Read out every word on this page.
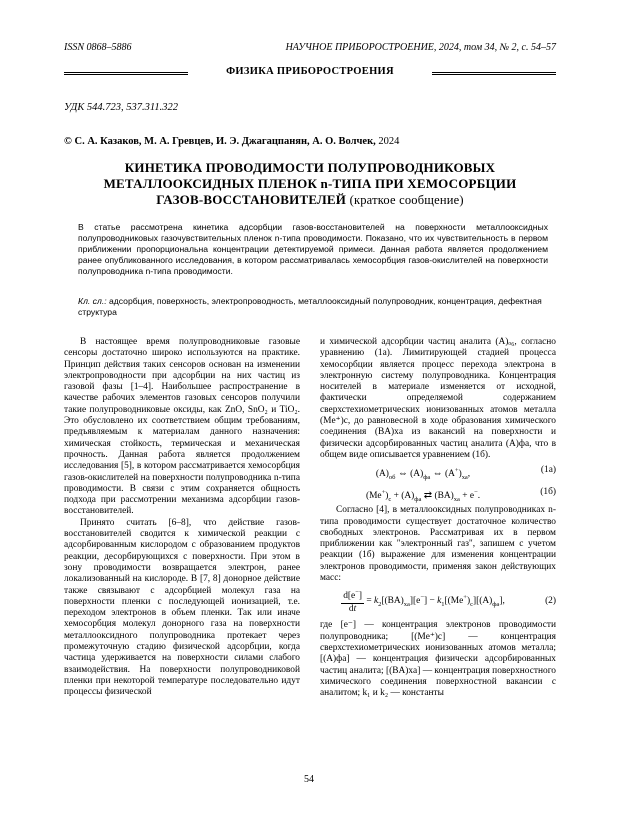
ISSN 0868–5886	НАУЧНОЕ ПРИБОРОСТРОЕНИЕ, 2024, том 34, № 2, с. 54–57
ФИЗИКА ПРИБОРОСТРОЕНИЯ
УДК 544.723, 537.311.322
© С. А. Казаков, М. А. Гревцев, И. Э. Джагацпанян, А. О. Волчек, 2024
КИНЕТИКА ПРОВОДИМОСТИ ПОЛУПРОВОДНИКОВЫХ
МЕТАЛЛООКСИДНЫХ ПЛЕНОК n-ТИПА ПРИ ХЕМОСОРБЦИИ
ГАЗОВ-ВОССТАНОВИТЕЛЕЙ (краткое сообщение)
В статье рассмотрена кинетика адсорбции газов-восстановителей на поверхности металлооксидных полупроводниковых газочувствительных пленок n-типа проводимости. Показано, что их чувствительность в первом приближении пропорциональна концентрации детектируемой примеси. Данная работа является продолжением ранее опубликованного исследования, в котором рассматривалась хемосорбция газов-окислителей на поверхности полупроводника n-типа проводимости.
Кл. сл.: адсорбция, поверхность, электропроводность, металлооксидный полупроводник, концентрация, дефектная структура

В настоящее время полупроводниковые газовые сенсоры достаточно широко используются на практике. Принцип действия таких сенсоров основан на изменении электропроводности при адсорбции на них частиц из газовой фазы [1–4]. Наибольшее распространение в качестве рабочих элементов газовых сенсоров получили такие полупроводниковые оксиды, как ZnO, SnO₂ и TiO₂. Это обусловлено их соответствием общим требованиям, предъявляемым к материалам данного назначения: химическая стойкость, термическая и механическая прочность. Данная работа является продолжением исследования [5], в котором рассматривается хемосорбция газов-окислителей на поверхности полупроводника n-типа проводимости. В связи с этим сохраняется общность подхода при рассмотрении механизма адсорбции газов-восстановителей.

Принято считать [6–8], что действие газов-восстановителей сводится к химической реакции с адсорбированным кислородом с образованием продуктов реакции, десорбирующихся с поверхности. При этом в зону проводимости возвращается электрон, ранее локализованный на кислороде. В [7, 8] донорное действие также связывают с адсорбцией молекул газа на поверхности пленки с последующей ионизацией, т.е. переходом электронов в объем пленки. Так или иначе хемосорбция молекул донорного газа на поверхности металлооксидного полупроводника протекает через промежуточную стадию физической адсорбции, когда частица удерживается на поверхности силами слабого взаимодействия. На поверхности полупроводниковой пленки при некоторой температуре последовательно идут процессы физической

и химической адсорбции частиц аналита (A)ₒ₆, согласно уравнению (1а). Лимитирующей стадией процесса хемосорбции является процесс перехода электрона в электронную систему полупроводника. Концентрация носителей в материале изменяется от исходной, фактически определяемой содержанием сверхстехиометрических ионизованных атомов металла (Me⁺)c, до равновесной в ходе образования химического соединения (BA)xa из вакансий на поверхности и физически адсорбированных частиц аналита (A)фа, что в общем виде описывается уравнением (1б).

$(A)_{об}$ ⇔ $(A)_{фа}$ ⇔ $(A^+)_{ха}$,	(1а)
$(Me^+)_c + (A)_{фа}$ ⇄ $(BA)_{xa} + e^-$.	(1б)

Согласно [4], в металлооксидных полупроводниках n-типа проводимости существует достаточное количество свободных электронов. Рассматривая их в первом приближении как "электронный газ", запишем с учетом реакции (1б) выражение для изменения концентрации электронов проводимости, применяя закон действующих масс:

$\frac{d[e^-]}{dt} = k_2[(BA)_{xa}][e^-] - k_1[(Me^+)_c][(A)_{фа}]$,	(2)

где [e⁻] — концентрация электронов проводимости полупроводника; [(Me⁺)c] — концентрация сверхстехиометрических ионизованных атомов металла; [(A)фа] — концентрация физически адсорбированных частиц аналита; [(BA)xa] — концентрация поверхностного химического соединения поверхностной вакансии с аналитом; k₁ и k₂ — константы

54
